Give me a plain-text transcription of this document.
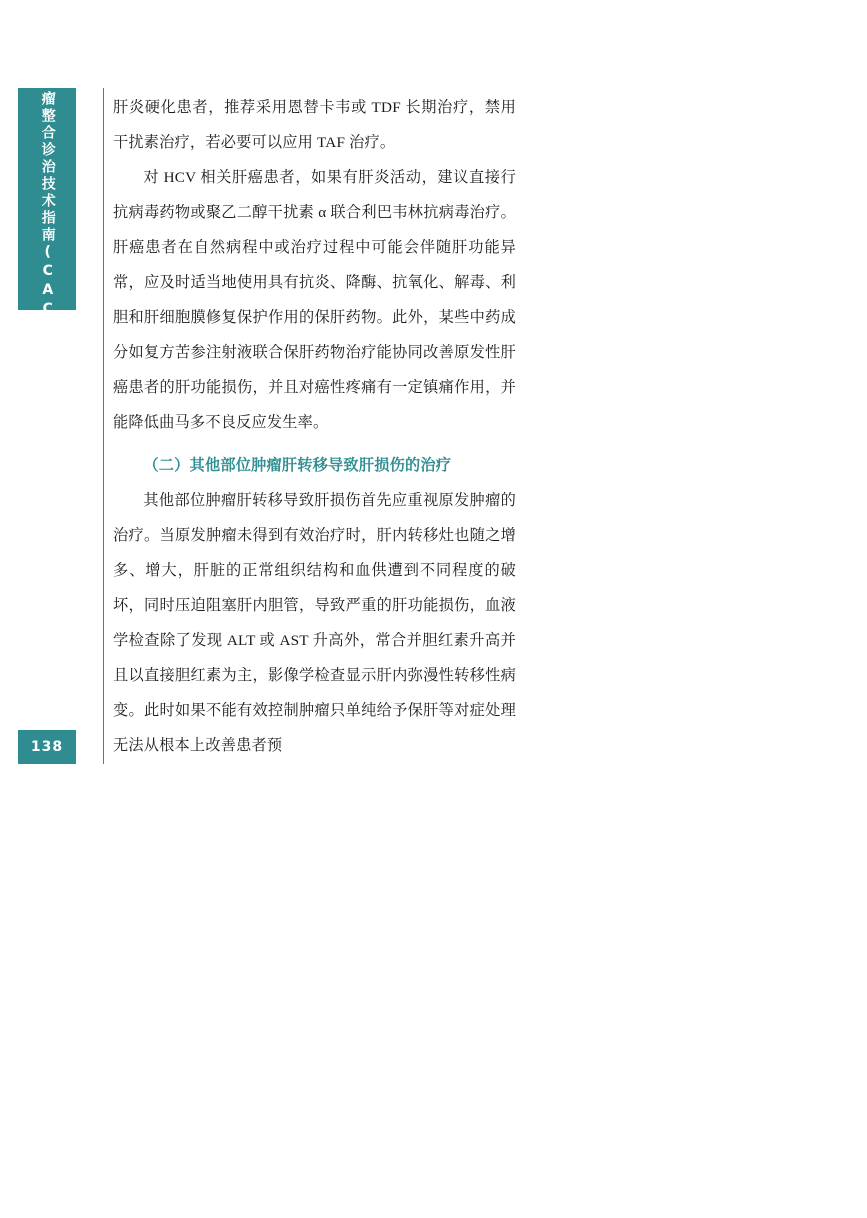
中国肿瘤整合诊治技术指南(CACA)
138

肝炎硬化患者，推荐采用恩替卡韦或 TDF 长期治疗，禁用干扰素治疗，若必要可以应用 TAF 治疗。

对 HCV 相关肝癌患者，如果有肝炎活动，建议直接行抗病毒药物或聚乙二醇干扰素 α 联合利巴韦林抗病毒治疗。肝癌患者在自然病程中或治疗过程中可能会伴随肝功能异常，应及时适当地使用具有抗炎、降酶、抗氧化、解毒、利胆和肝细胞膜修复保护作用的保肝药物。此外，某些中药成分如复方苦参注射液联合保肝药物治疗能协同改善原发性肝癌患者的肝功能损伤，并且对癌性疼痛有一定镇痛作用，并能降低曲马多不良反应发生率。

（二）其他部位肿瘤肝转移导致肝损伤的治疗

其他部位肿瘤肝转移导致肝损伤首先应重视原发肿瘤的治疗。当原发肿瘤未得到有效治疗时，肝内转移灶也随之增多、增大，肝脏的正常组织结构和血供遭到不同程度的破坏，同时压迫阻塞肝内胆管，导致严重的肝功能损伤，血液学检查除了发现 ALT 或 AST 升高外，常合并胆红素升高并且以直接胆红素为主，影像学检查显示肝内弥漫性转移性病变。此时如果不能有效控制肿瘤只单纯给予保肝等对症处理无法从根本上改善患者预
